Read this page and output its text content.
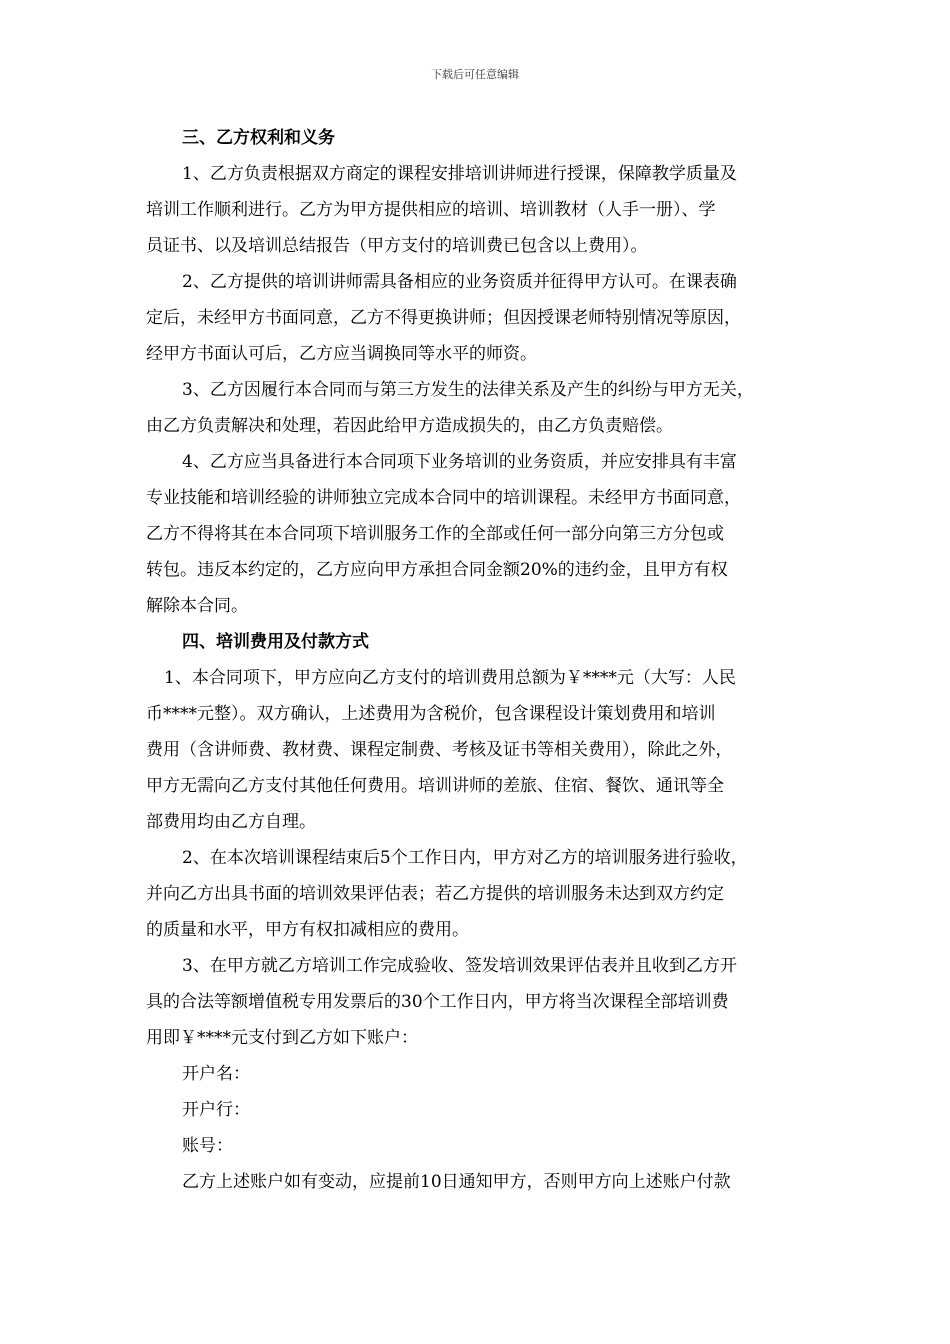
下载后可任意编辑
三、乙方权利和义务
1、乙方负责根据双方商定的课程安排培训讲师进行授课，保障教学质量及
培训工作顺利进行。乙方为甲方提供相应的培训、培训教材（人手一册）、学
员证书、以及培训总结报告（甲方支付的培训费已包含以上费用）。
2、乙方提供的培训讲师需具备相应的业务资质并征得甲方认可。在课表确
定后，未经甲方书面同意，乙方不得更换讲师；但因授课老师特别情况等原因，
经甲方书面认可后，乙方应当调换同等水平的师资。
3、乙方因履行本合同而与第三方发生的法律关系及产生的纠纷与甲方无关，
由乙方负责解决和处理，若因此给甲方造成损失的，由乙方负责赔偿。
4、乙方应当具备进行本合同项下业务培训的业务资质，并应安排具有丰富
专业技能和培训经验的讲师独立完成本合同中的培训课程。未经甲方书面同意，
乙方不得将其在本合同项下培训服务工作的全部或任何一部分向第三方分包或
转包。违反本约定的，乙方应向甲方承担合同金额20%的违约金，且甲方有权
解除本合同。
四、培训费用及付款方式
1、本合同项下，甲方应向乙方支付的培训费用总额为￥****元（大写：人民
币****元整）。双方确认，上述费用为含税价，包含课程设计策划费用和培训
费用（含讲师费、教材费、课程定制费、考核及证书等相关费用），除此之外，
甲方无需向乙方支付其他任何费用。培训讲师的差旅、住宿、餐饮、通讯等全
部费用均由乙方自理。
2、在本次培训课程结束后5个工作日内，甲方对乙方的培训服务进行验收，
并向乙方出具书面的培训效果评估表；若乙方提供的培训服务未达到双方约定
的质量和水平，甲方有权扣减相应的费用。
3、在甲方就乙方培训工作完成验收、签发培训效果评估表并且收到乙方开
具的合法等额增值税专用发票后的30个工作日内，甲方将当次课程全部培训费
用即￥****元支付到乙方如下账户：
开户名：
开户行：
账号：
乙方上述账户如有变动，应提前10日通知甲方，否则甲方向上述账户付款
